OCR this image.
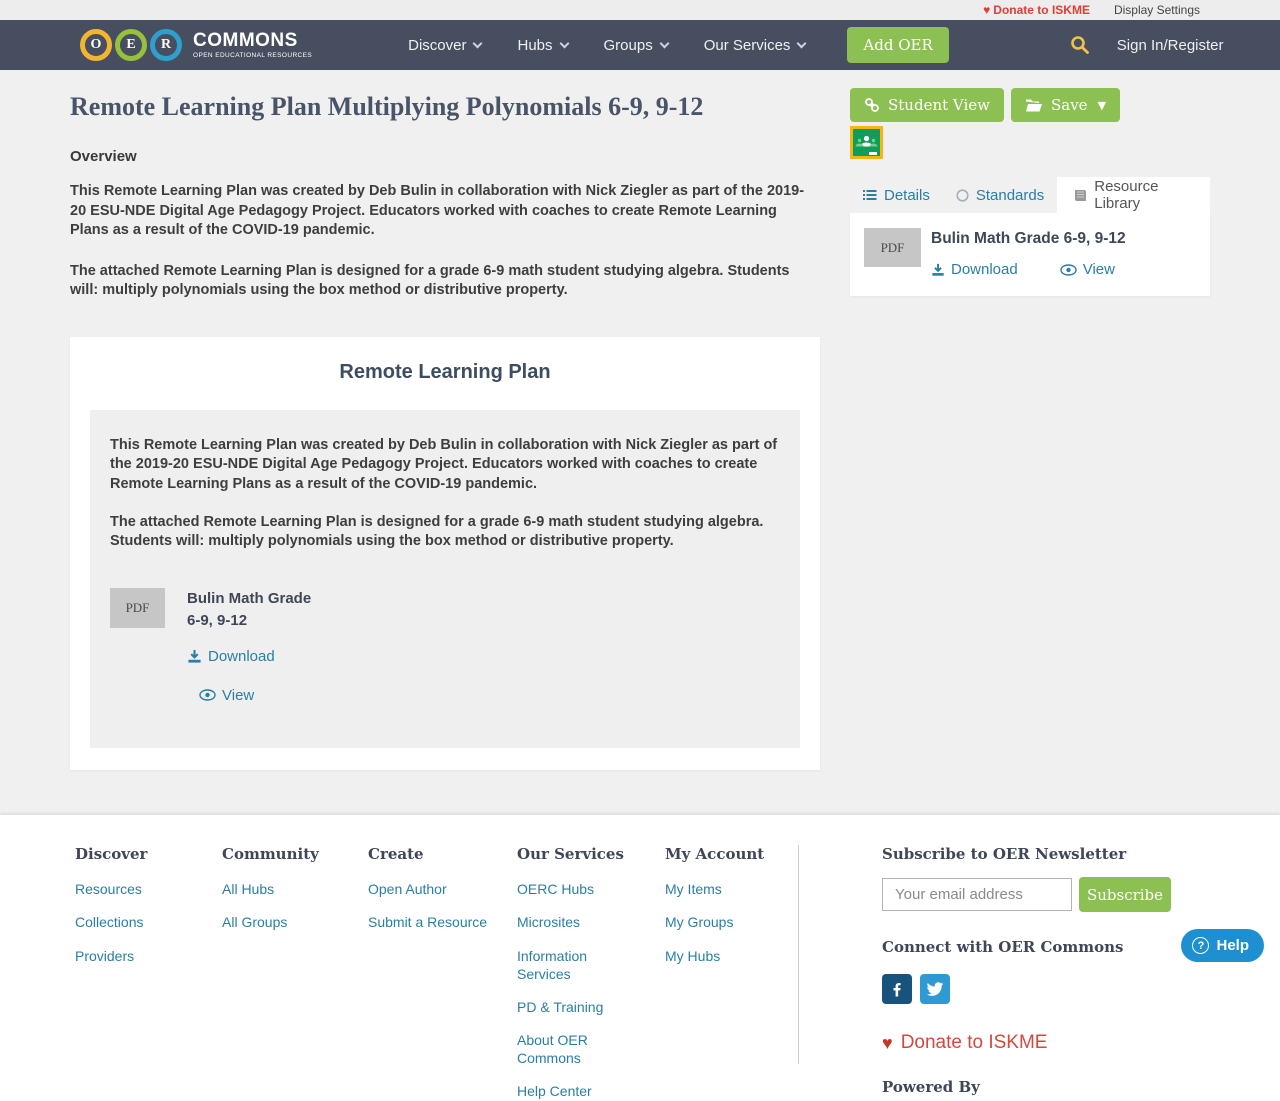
♥ Donate to ISKME Display Settings
O	E	R	COMMONS
OPEN EDUCATIONAL RESOURCES
Discover	Hubs	Groups	Our Services	Add OER	Sign In/Register
Remote Learning Plan Multiplying Polynomials 6-9, 9-12
Overview

This Remote Learning Plan was created by Deb Bulin in collaboration with Nick Ziegler as part of the 2019-20 ESU-NDE Digital Age Pedagogy Project. Educators worked with coaches to create Remote Learning Plans as a result of the COVID-19 pandemic.

The attached Remote Learning Plan is designed for a grade 6-9 math student studying algebra. Students will: multiply polynomials using the box method or distributive property.

Remote Learning Plan

This Remote Learning Plan was created by Deb Bulin in collaboration with Nick Ziegler as part of the 2019-20 ESU-NDE Digital Age Pedagogy Project. Educators worked with coaches to create Remote Learning Plans as a result of the COVID-19 pandemic.

The attached Remote Learning Plan is designed for a grade 6-9 math student studying algebra. Students will: multiply polynomials using the box method or distributive property.

PDF
Bulin Math Grade
6-9, 9-12
Download
View
Student View	Save ▼
Details	Standards	Resource Library
PDF	Bulin Math Grade 6-9, 9-12
Download	View
Discover
Resources
Collections
Providers
Community
All Hubs
All Groups
Create
Open Author
Submit a Resource
Our Services
OERC Hubs
Microsites
Information Services
PD & Training
About OER Commons
Help Center
My Account
My Items
My Groups
My Hubs
Subscribe to OER Newsletter
Your email address
Subscribe
Connect with OER Commons
♥ Donate to ISKME
Powered By
? Help
